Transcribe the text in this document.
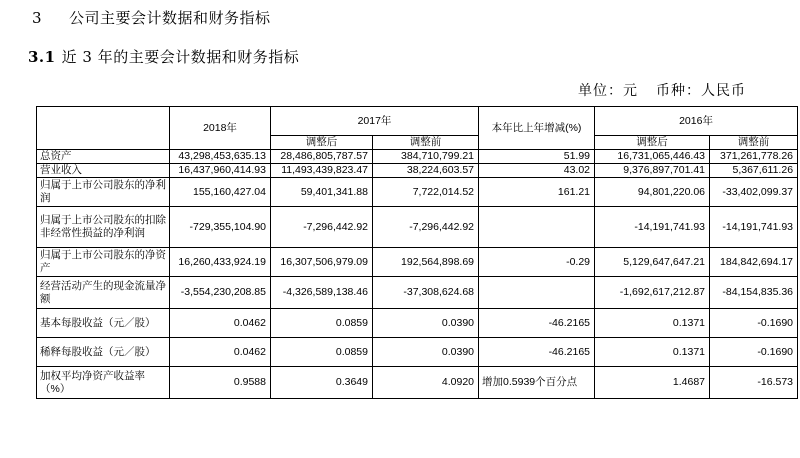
3 公司主要会计数据和财务指标
3.1 近 3 年的主要会计数据和财务指标
单位：元 币种：人民币
	2018年	2017年		本年比上年增减(%)	2016年	
		调整后	调整前		调整后	调整前
总资产	43,298,453,635.13	28,486,805,787.57	384,710,799.21	51.99	16,731,065,446.43	371,261,778.26
营业收入	16,437,960,414.93	11,493,439,823.47	38,224,603.57	43.02	9,376,897,701.41	5,367,611.26
归属于上市公司股东的净利润	155,160,427.04	59,401,341.88	7,722,014.52	161.21	94,801,220.06	-33,402,099.37
归属于上市公司股东的扣除非经常性损益的净利润	-729,355,104.90	-7,296,442.92	-7,296,442.92		-14,191,741.93	-14,191,741.93
归属于上市公司股东的净资产	16,260,433,924.19	16,307,506,979.09	192,564,898.69	-0.29	5,129,647,647.21	184,842,694.17
经营活动产生的现金流量净额	-3,554,230,208.85	-4,326,589,138.46	-37,308,624.68		-1,692,617,212.87	-84,154,835.36
基本每股收益（元／股）	0.0462	0.0859	0.0390	-46.2165	0.1371	-0.1690
稀释每股收益（元／股）	0.0462	0.0859	0.0390	-46.2165	0.1371	-0.1690
加权平均净资产收益率（%）	0.9588	0.3649	4.0920	增加0.5939个百分点	1.4687	-16.573
